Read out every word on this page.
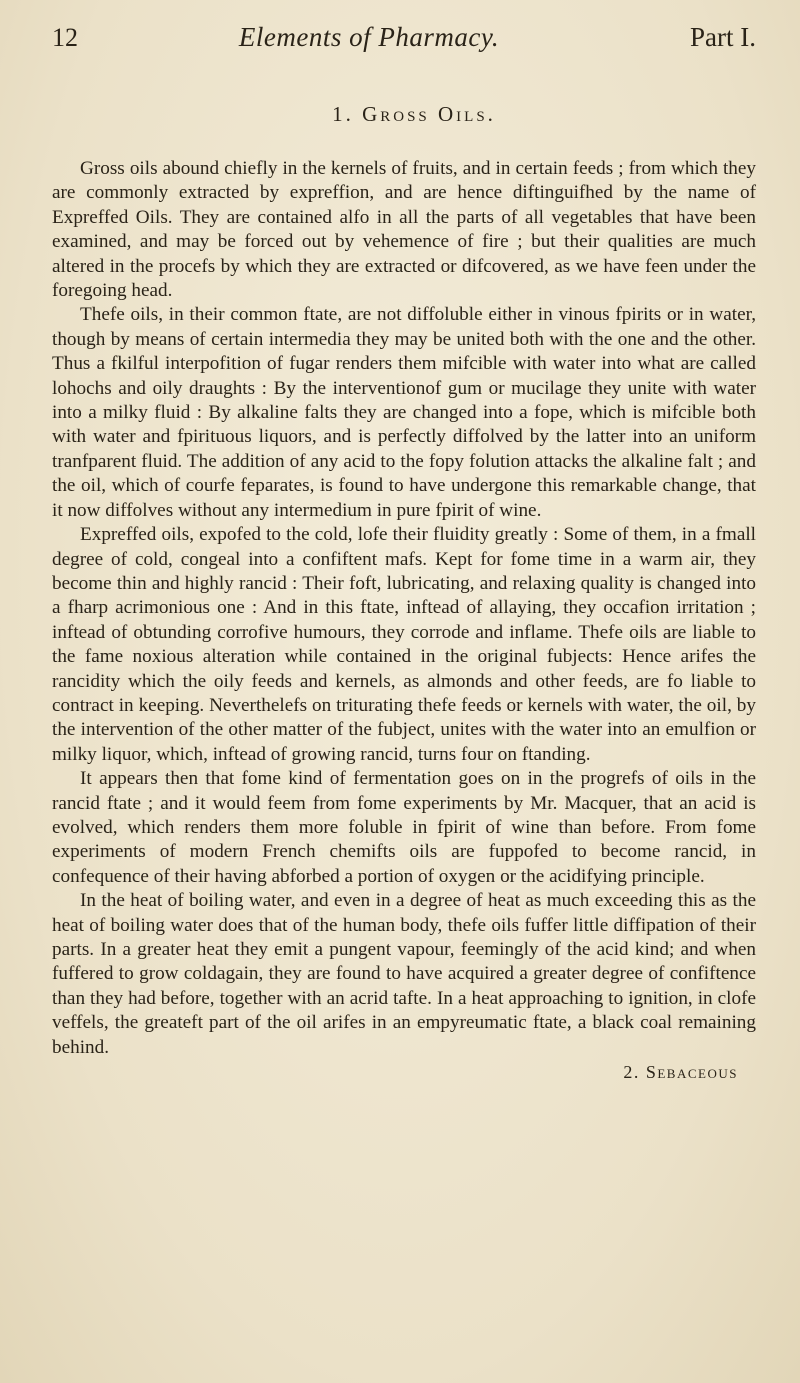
12	Elements of Pharmacy.	Part I.
1. Gross Oils.

Gross oils abound chiefly in the kernels of fruits, and in certain feeds ; from which they are commonly extracted by expreffion, and are hence diftinguifhed by the name of Expreffed Oils. They are contained alfo in all the parts of all vegetables that have been examined, and may be forced out by vehemence of fire ; but their qualities are much altered in the procefs by which they are extracted or difcovered, as we have feen under the foregoing head.

Thefe oils, in their common ftate, are not diffoluble either in vinous fpirits or in water, though by means of certain intermedia they may be united both with the one and the other. Thus a fkilful interpofition of fugar renders them mifcible with water into what are called lohochs and oily draughts : By the interventionof gum or mucilage they unite with water into a milky fluid : By alkaline falts they are changed into a fope, which is mifcible both with water and fpirituous liquors, and is perfectly diffolved by the latter into an uniform tranfparent fluid. The addition of any acid to the fopy folution attacks the alkaline falt ; and the oil, which of courfe feparates, is found to have undergone this remarkable change, that it now diffolves without any intermedium in pure fpirit of wine.

Expreffed oils, expofed to the cold, lofe their fluidity greatly : Some of them, in a fmall degree of cold, congeal into a confiftent mafs. Kept for fome time in a warm air, they become thin and highly rancid : Their foft, lubricating, and relaxing quality is changed into a fharp acrimonious one : And in this ftate, inftead of allaying, they occafion irritation ; inftead of obtunding corrofive humours, they corrode and inflame. Thefe oils are liable to the fame noxious alteration while contained in the original fubjects: Hence arifes the rancidity which the oily feeds and kernels, as almonds and other feeds, are fo liable to contract in keeping. Neverthelefs on triturating thefe feeds or kernels with water, the oil, by the intervention of the other matter of the fubject, unites with the water into an emulfion or milky liquor, which, inftead of growing rancid, turns four on ftanding.

It appears then that fome kind of fermentation goes on in the progrefs of oils in the rancid ftate ; and it would feem from fome experiments by Mr. Macquer, that an acid is evolved, which renders them more foluble in fpirit of wine than before. From fome experiments of modern French chemifts oils are fuppofed to become rancid, in confequence of their having abforbed a portion of oxygen or the acidifying principle.

In the heat of boiling water, and even in a degree of heat as much exceeding this as the heat of boiling water does that of the human body, thefe oils fuffer little diffipation of their parts. In a greater heat they emit a pungent vapour, feemingly of the acid kind; and when fuffered to grow coldagain, they are found to have acquired a greater degree of confiftence than they had before, together with an acrid tafte. In a heat approaching to ignition, in clofe veffels, the greateft part of the oil arifes in an empyreumatic ftate, a black coal remaining behind.

2. Sebaceous
